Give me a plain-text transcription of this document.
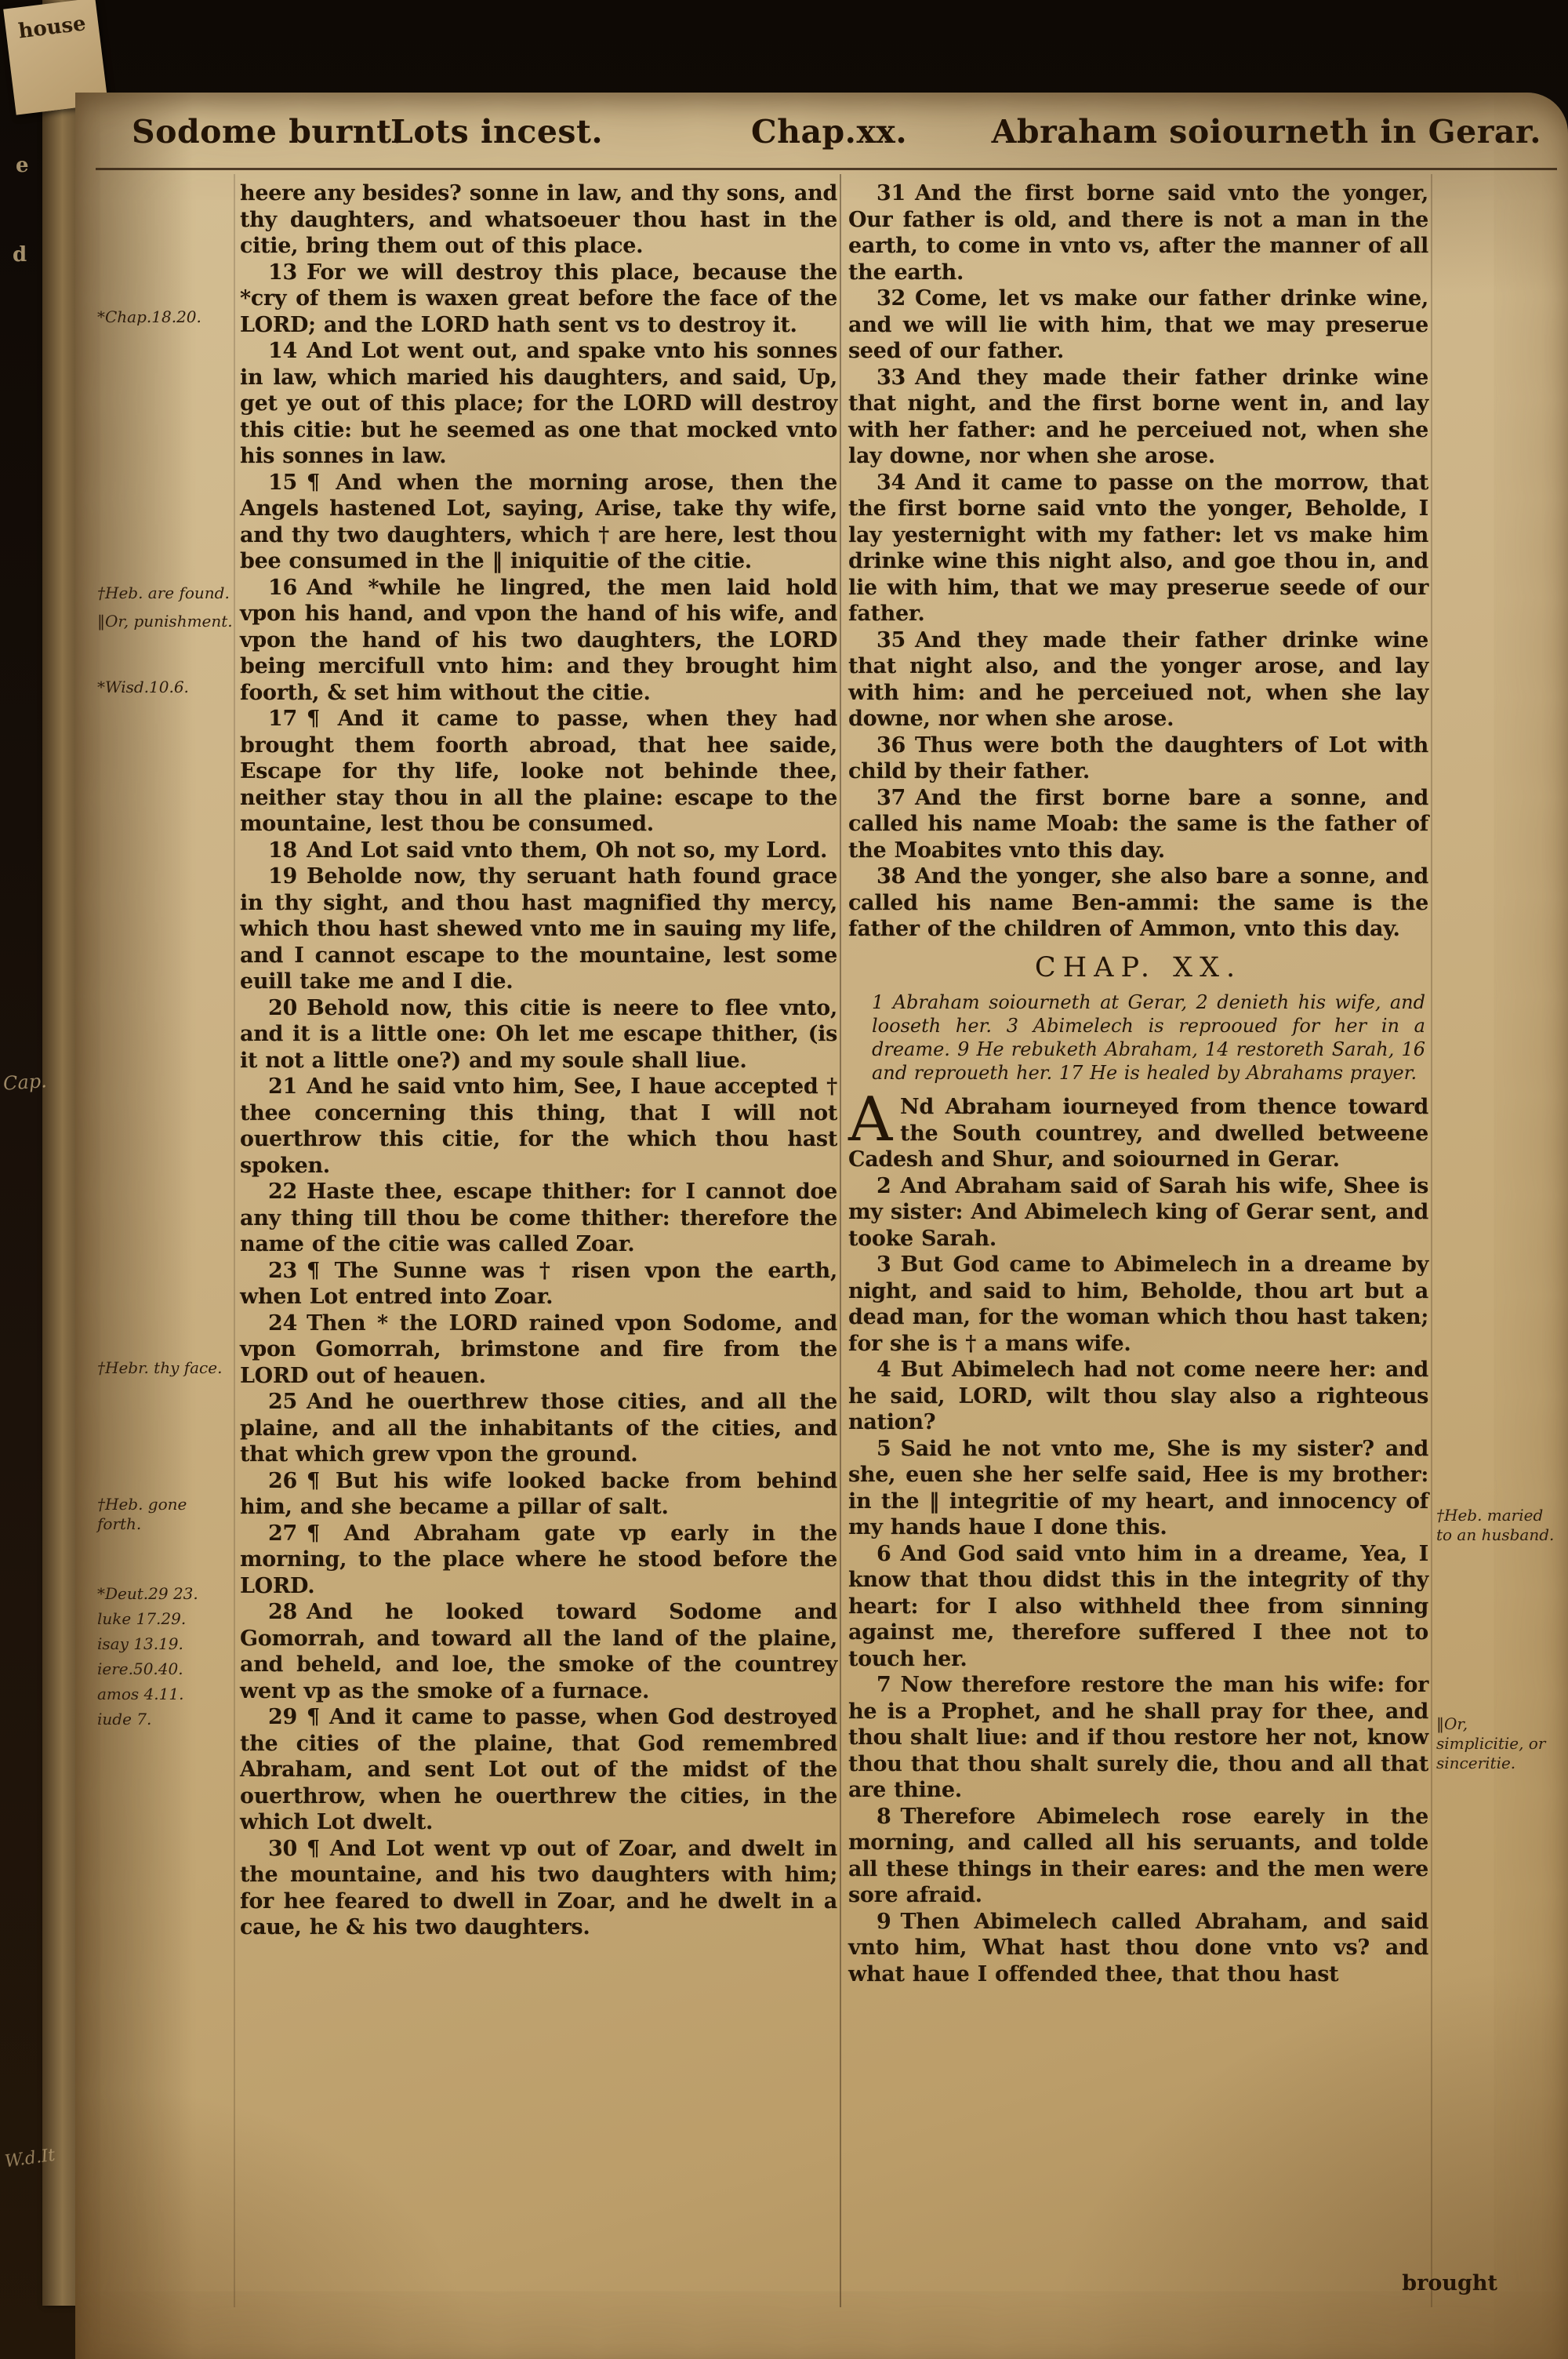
house
e
d
Cap.
W.d.It
Sodome burnt.
Lots incest.	Chap.xx.	Abraham soiourneth in Gerar.
*Chap.18.20.
†Heb. are found.
‖Or, punishment.
*Wisd.10.6.
†Hebr. thy face.
†Heb. gone forth.
*Deut.29 23.
luke 17.29.
isay 13.19.
iere.50.40.
amos 4.11.
iude 7.
†Heb. maried to an husband.
‖Or, simplicitie, or sinceritie.

heere any besides? sonne in law, and thy sons, and thy daughters, and whatsoeuer thou hast in the citie, bring them out of this place.

13 For we will destroy this place, because the *cry of them is waxen great before the face of the LORD; and the LORD hath sent vs to destroy it.

14 And Lot went out, and spake vnto his sonnes in law, which maried his daughters, and said, Up, get ye out of this place; for the LORD will destroy this citie: but he seemed as one that mocked vnto his sonnes in law.

15 ¶ And when the morning arose, then the Angels hastened Lot, saying, Arise, take thy wife, and thy two daughters, which † are here, lest thou bee consumed in the ‖ iniquitie of the citie.

16 And *while he lingred, the men laid hold vpon his hand, and vpon the hand of his wife, and vpon the hand of his two daughters, the LORD being mercifull vnto him: and they brought him foorth, & set him without the citie.

17 ¶ And it came to passe, when they had brought them foorth abroad, that hee saide, Escape for thy life, looke not behinde thee, neither stay thou in all the plaine: escape to the mountaine, lest thou be consumed.

18 And Lot said vnto them, Oh not so, my Lord.

19 Beholde now, thy seruant hath found grace in thy sight, and thou hast magnified thy mercy, which thou hast shewed vnto me in sauing my life, and I cannot escape to the mountaine, lest some euill take me and I die.

20 Behold now, this citie is neere to flee vnto, and it is a little one: Oh let me escape thither, (is it not a little one?) and my soule shall liue.

21 And he said vnto him, See, I haue accepted † thee concerning this thing, that I will not ouerthrow this citie, for the which thou hast spoken.

22 Haste thee, escape thither: for I cannot doe any thing till thou be come thither: therefore the name of the citie was called Zoar.

23 ¶ The Sunne was † risen vpon the earth, when Lot entred into Zoar.

24 Then * the LORD rained vpon Sodome, and vpon Gomorrah, brimstone and fire from the LORD out of heauen.

25 And he ouerthrew those cities, and all the plaine, and all the inhabitants of the cities, and that which grew vpon the ground.

26 ¶ But his wife looked backe from behind him, and she became a pillar of salt.

27 ¶ And Abraham gate vp early in the morning, to the place where he stood before the LORD.

28 And he looked toward Sodome and Gomorrah, and toward all the land of the plaine, and beheld, and loe, the smoke of the countrey went vp as the smoke of a furnace.

29 ¶ And it came to passe, when God destroyed the cities of the plaine, that God remembred Abraham, and sent Lot out of the midst of the ouerthrow, when he ouerthrew the cities, in the which Lot dwelt.

30 ¶ And Lot went vp out of Zoar, and dwelt in the mountaine, and his two daughters with him; for hee feared to dwell in Zoar, and he dwelt in a caue, he & his two daughters.

31 And the first borne said vnto the yonger, Our father is old, and there is not a man in the earth, to come in vnto vs, after the manner of all the earth.

32 Come, let vs make our father drinke wine, and we will lie with him, that we may preserue seed of our father.

33 And they made their father drinke wine that night, and the first borne went in, and lay with her father: and he perceiued not, when she lay downe, nor when she arose.

34 And it came to passe on the morrow, that the first borne said vnto the yonger, Beholde, I lay yesternight with my father: let vs make him drinke wine this night also, and goe thou in, and lie with him, that we may preserue seede of our father.

35 And they made their father drinke wine that night also, and the yonger arose, and lay with him: and he perceiued not, when she lay downe, nor when she arose.

36 Thus were both the daughters of Lot with child by their father.

37 And the first borne bare a sonne, and called his name Moab: the same is the father of the Moabites vnto this day.

38 And the yonger, she also bare a sonne, and called his name Ben-ammi: the same is the father of the children of Ammon, vnto this day.

CHAP. XX.

1 Abraham soiourneth at Gerar, 2 denieth his wife, and looseth her. 3 Abimelech is reprooued for her in a dreame. 9 He rebuketh Abraham, 14 restoreth Sarah, 16 and reproueth her. 17 He is healed by Abrahams prayer.

A Nd Abraham iourneyed from thence toward the South countrey, and dwelled betweene Cadesh and Shur, and soiourned in Gerar.

2 And Abraham said of Sarah his wife, Shee is my sister: And Abimelech king of Gerar sent, and tooke Sarah.

3 But God came to Abimelech in a dreame by night, and said to him, Beholde, thou art but a dead man, for the woman which thou hast taken; for she is † a mans wife.

4 But Abimelech had not come neere her: and he said, LORD, wilt thou slay also a righteous nation?

5 Said he not vnto me, She is my sister? and she, euen she her selfe said, Hee is my brother: in the ‖ integritie of my heart, and innocency of my hands haue I done this.

6 And God said vnto him in a dreame, Yea, I know that thou didst this in the integrity of thy heart: for I also withheld thee from sinning against me, therefore suffered I thee not to touch her.

7 Now therefore restore the man his wife: for he is a Prophet, and he shall pray for thee, and thou shalt liue: and if thou restore her not, know thou that thou shalt surely die, thou and all that are thine.

8 Therefore Abimelech rose earely in the morning, and called all his seruants, and tolde all these things in their eares: and the men were sore afraid.

9 Then Abimelech called Abraham, and said vnto him, What hast thou done vnto vs? and what haue I offended thee, that thou hast

brought
